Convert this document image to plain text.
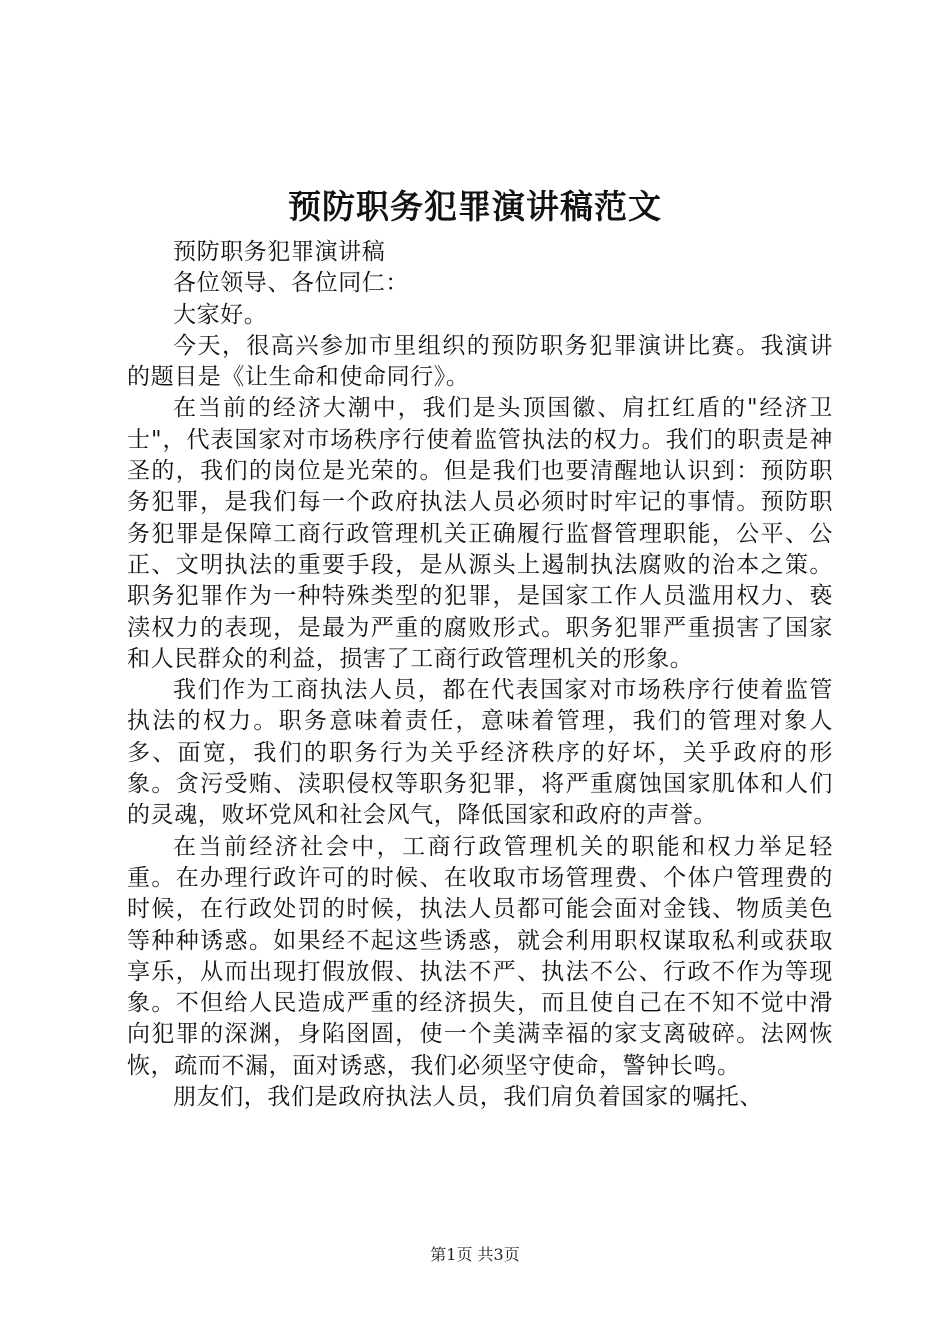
预防职务犯罪演讲稿范文

预防职务犯罪演讲稿

各位领导、各位同仁：

大家好。

今天，很高兴参加市里组织的预防职务犯罪演讲比赛。我演讲的题目是《让生命和使命同行》。

在当前的经济大潮中，我们是头顶国徽、肩扛红盾的"经济卫士"，代表国家对市场秩序行使着监管执法的权力。我们的职责是神圣的，我们的岗位是光荣的。但是我们也要清醒地认识到：预防职务犯罪，是我们每一个政府执法人员必须时时牢记的事情。预防职务犯罪是保障工商行政管理机关正确履行监督管理职能，公平、公正、文明执法的重要手段，是从源头上遏制执法腐败的治本之策。职务犯罪作为一种特殊类型的犯罪，是国家工作人员滥用权力、亵渎权力的表现，是最为严重的腐败形式。职务犯罪严重损害了国家和人民群众的利益，损害了工商行政管理机关的形象。

我们作为工商执法人员，都在代表国家对市场秩序行使着监管执法的权力。职务意味着责任，意味着管理，我们的管理对象人多、面宽，我们的职务行为关乎经济秩序的好坏，关乎政府的形象。贪污受贿、渎职侵权等职务犯罪，将严重腐蚀国家肌体和人们的灵魂，败坏党风和社会风气，降低国家和政府的声誉。

在当前经济社会中，工商行政管理机关的职能和权力举足轻重。在办理行政许可的时候、在收取市场管理费、个体户管理费的时候，在行政处罚的时候，执法人员都可能会面对金钱、物质美色等种种诱惑。如果经不起这些诱惑，就会利用职权谋取私利或获取享乐，从而出现打假放假、执法不严、执法不公、行政不作为等现象。不但给人民造成严重的经济损失，而且使自己在不知不觉中滑向犯罪的深渊，身陷囹圄，使一个美满幸福的家支离破碎。法网恢恢，疏而不漏，面对诱惑，我们必须坚守使命，警钟长鸣。

朋友们，我们是政府执法人员，我们肩负着国家的嘱托、

第1页 共3页
